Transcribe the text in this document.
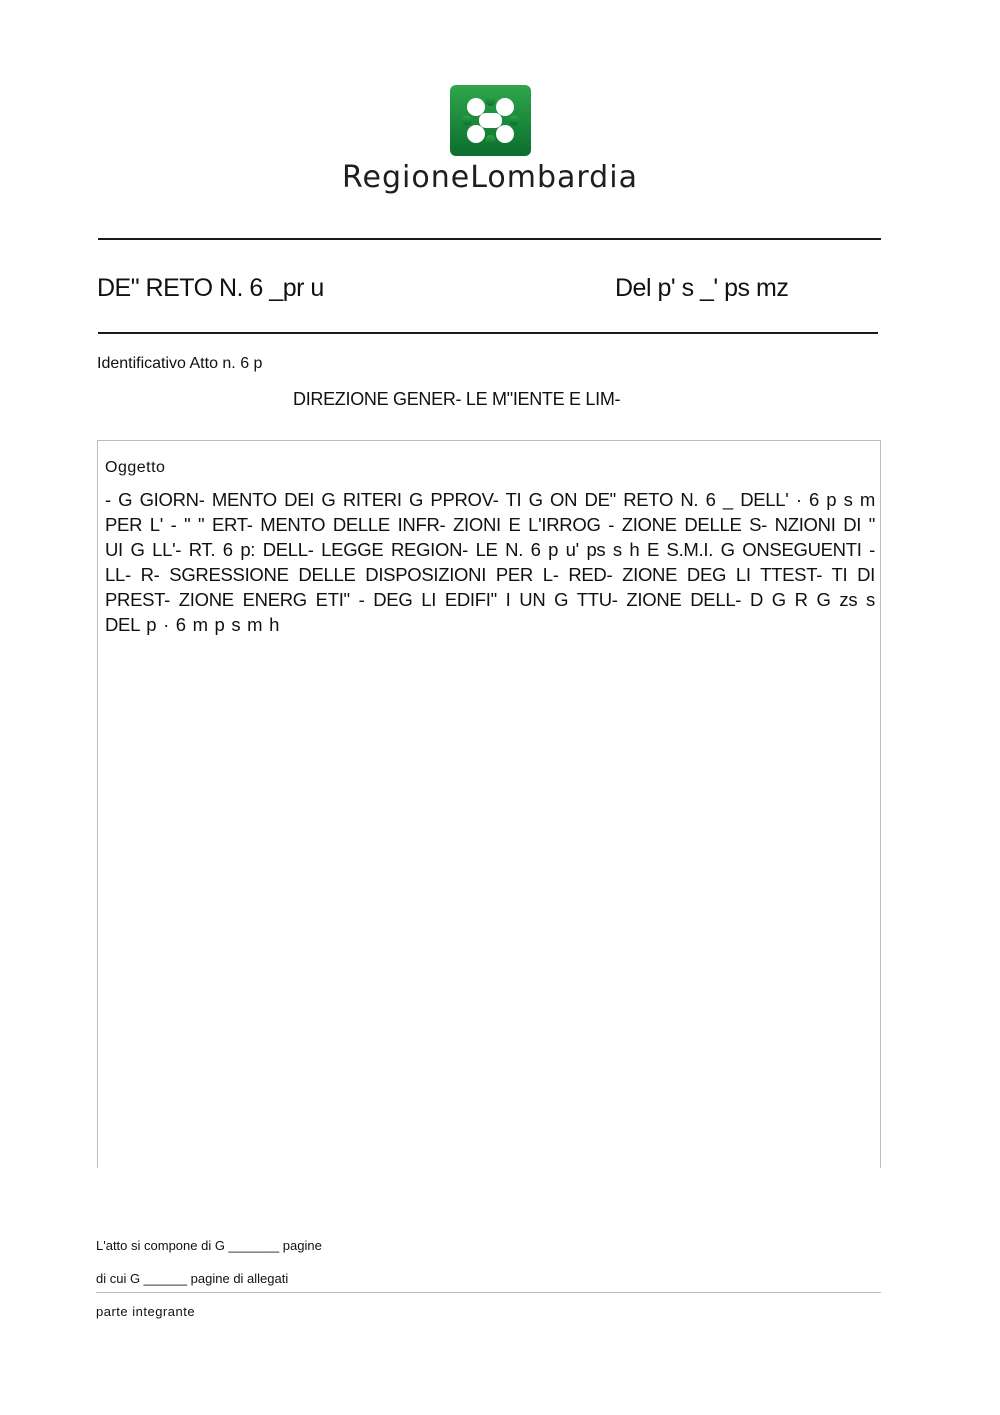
RegioneLombardia
DE" RETO N. 6 _pr u	Del p' s _' ps mz
Identificativo Atto n. 6 p
DIREZIONE GENER- LE M"IENTE E LIM-
Oggetto
- G GIORN- MENTO DEI G RITERI G PPROV- TI G ON DE" RETO N. 6 _ DELL' · 6 p s m PER L' - " " ERT- MENTO DELLE INFR- ZIONI E L'IRROG - ZIONE DELLE S- NZIONI DI " UI G LL'- RT. 6 p: DELL- LEGGE REGION- LE N. 6 p u' ps s h E S.M.I. G ONSEGUENTI - LL- R- SGRESSIONE DELLE DISPOSIZIONI PER L- RED- ZIONE DEG LI TTEST- TI DI PREST- ZIONE ENERG ETI" - DEG LI EDIFI" I UN G TTU- ZIONE DELL- D G R G zs s DEL p · 6 m p s m h
L'atto si compone di G _______ pagine
di cui G ______ pagine di allegati
parte integrante
